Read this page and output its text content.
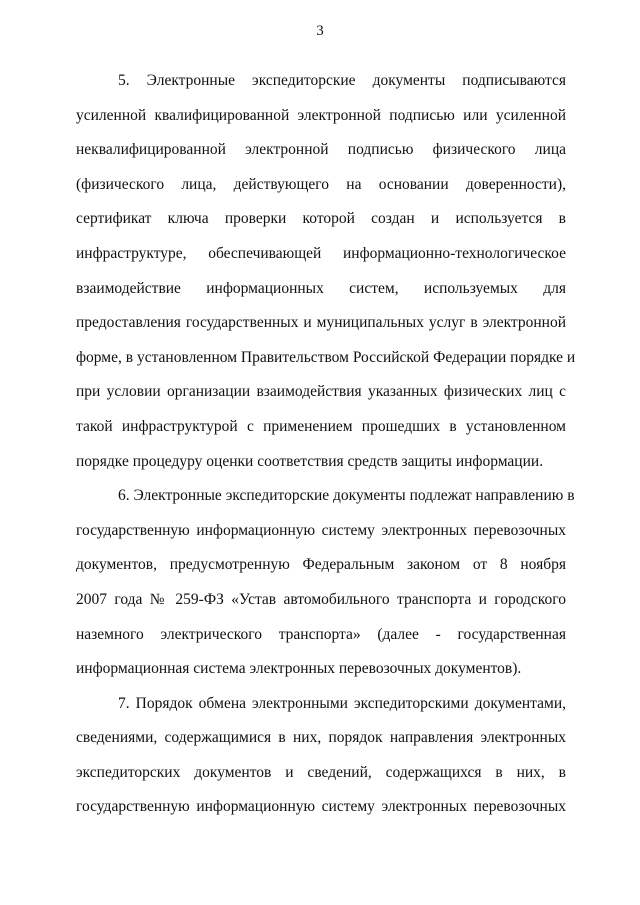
3
5. Электронные экспедиторские документы подписываются
усиленной квалифицированной электронной подписью или усиленной
неквалифицированной электронной подписью физического лица
(физического лица, действующего на основании доверенности),
сертификат ключа проверки которой создан и используется в
инфраструктуре, обеспечивающей информационно-технологическое
взаимодействие информационных систем, используемых для
предоставления государственных и муниципальных услуг в электронной
форме, в установленном Правительством Российской Федерации порядке и
при условии организации взаимодействия указанных физических лиц с
такой инфраструктурой с применением прошедших в установленном
порядке процедуру оценки соответствия средств защиты информации.
6. Электронные экспедиторские документы подлежат направлению в
государственную информационную систему электронных перевозочных
документов, предусмотренную Федеральным законом от 8 ноября
2007 года № 259-ФЗ «Устав автомобильного транспорта и городского
наземного электрического транспорта» (далее - государственная
информационная система электронных перевозочных документов).
7. Порядок обмена электронными экспедиторскими документами,
сведениями, содержащимися в них, порядок направления электронных
экспедиторских документов и сведений, содержащихся в них, в
государственную информационную систему электронных перевозочных
